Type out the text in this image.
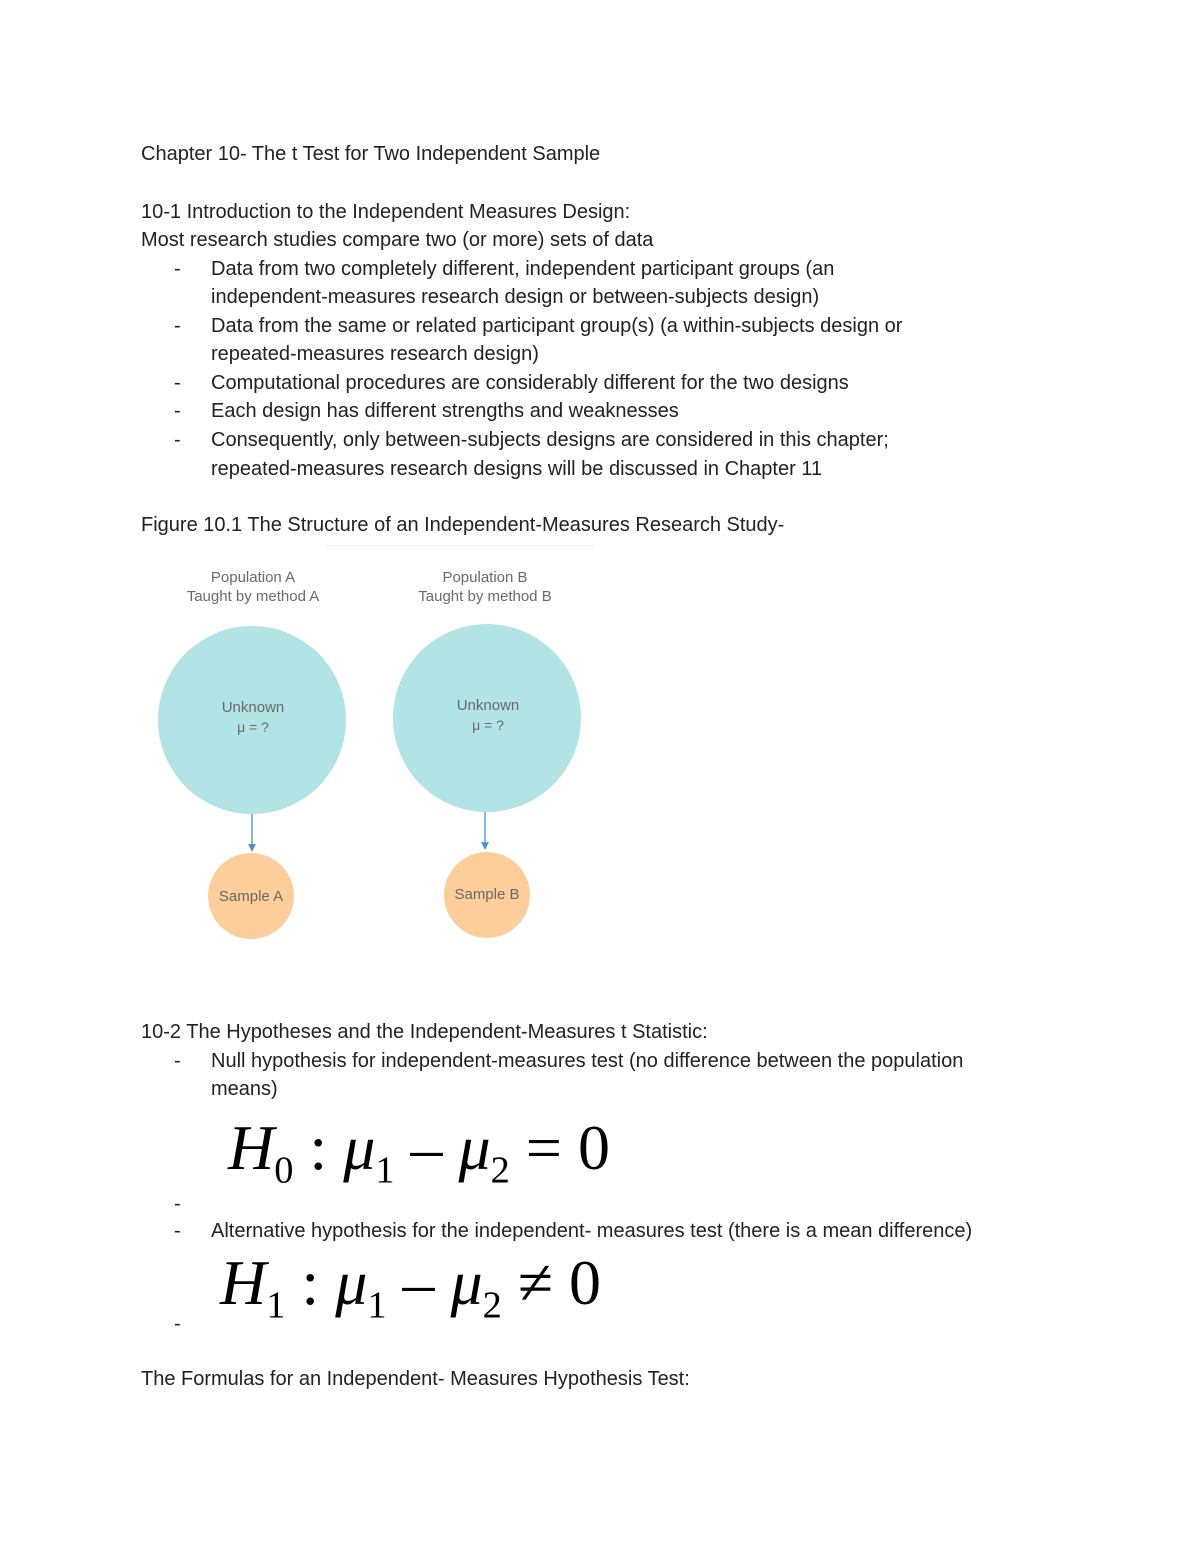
Chapter 10- The t Test for Two Independent Sample
10-1 Introduction to the Independent Measures Design:

Most research studies compare two (or more) sets of data

- Data from two completely different, independent participant groups (an

independent-measures research design or between-subjects design)

- Data from the same or related participant group(s) (a within-subjects design or

repeated-measures research design)

- Computational procedures are considerably different for the two designs

- Each design has different strengths and weaknesses

- Consequently, only between-subjects designs are considered in this chapter;

repeated-measures research designs will be discussed in Chapter 11

Figure 10.1 The Structure of an Independent-Measures Research Study-

Population A
Taught by method A
Unknown
μ = ?
Sample A
Population B
Taught by method B
Unknown
μ = ?
Sample B
10-2 The Hypotheses and the Independent-Measures t Statistic:
- Null hypothesis for independent-measures test (no difference between the population

means)

$H_0$ : $\mu_1 - \mu_2 = 0$
-
- Alternative hypothesis for the independent- measures test (there is a mean difference)

$H_1$ : $\mu_1 - \mu_2 \ne 0$
-
The Formulas for an Independent- Measures Hypothesis Test:
